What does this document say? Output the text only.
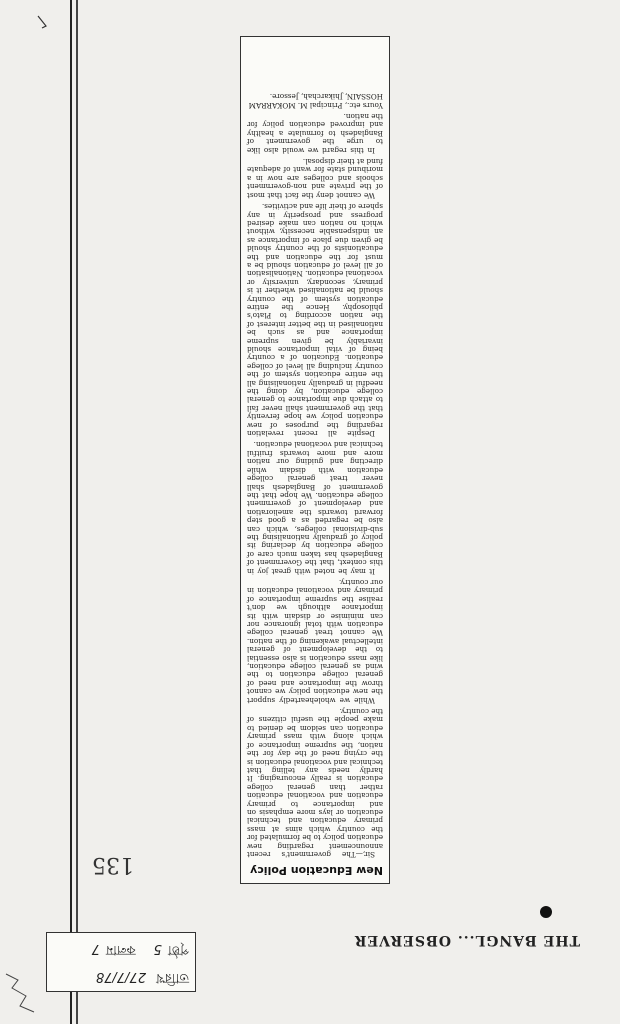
New Education Policy

Sir,—The government's recent announcement regarding new education policy to be formulated for the country which aims at mass primary education and technical education or lays more emphasis on and importance to primary education and vocational education rather than general college education is really encouraging. It hardly needs any telling that technical and vocational education is the crying need of the day for the nation, the supreme importance of which along with mass primary education can seldom be denied to make people the useful citizens of the country.

While we wholeheartedly support the new education policy we cannot throw the importance and need of general college education to the wind as general college education, like mass education is also essential to the development of general intellectual awakening of the nation. We cannot treat general college education with total ignorance nor can minimise or disdain with its importance although we don't realise the supreme importance of primary and vocational education in our country.

It may be noted with great joy in this context, that the Government of Bangladesh has taken much care of college education by declaring its policy of gradually nationalising the sub-divisional colleges, which can also be regarded as a good step forward towards the amelioration and development of government college education. We hope that the government of Bangladesh shall never treat general college education with disdain while directing and guiding our nation more and more towards fruitful technical and vocational education.

Despite all recent revelation regarding the purposes of new education policy we hope fervently that the government shall never fail to attach due importance to general college education, by doing the needful in gradually nationalising all the entire education system of the country including all level of college education. Education of a country being of vital importance should invariably be given supreme importance and as such be nationalised in the better interest of the nation according to Plato's philosophy. Hence the entire education system of the country should be nationalised whether it is primary, secondary, university or vocational education. Nationalisation of all level of education should be a must for the education and the educationists of the country should be given due place of importance as an indispensable necessity, without which no nation can make desired progress and prosperity in any sphere of their life and activities.

We cannot deny the fact that most of the private and non-government schools and colleges are now in a moribund state for want of adequate fund at their disposal.

In this regard we would also like to urge the government of Bangladesh to formulate a healthy and improved education policy for the nation.

Yours etc., Principal M. MOKARRAM HOSSAIN, Jhikarchah, Jessore.
135
THE BANGL... OBSERVER
তারিখ
27/7/78
পৃষ্ঠা
5
কলাম
7
